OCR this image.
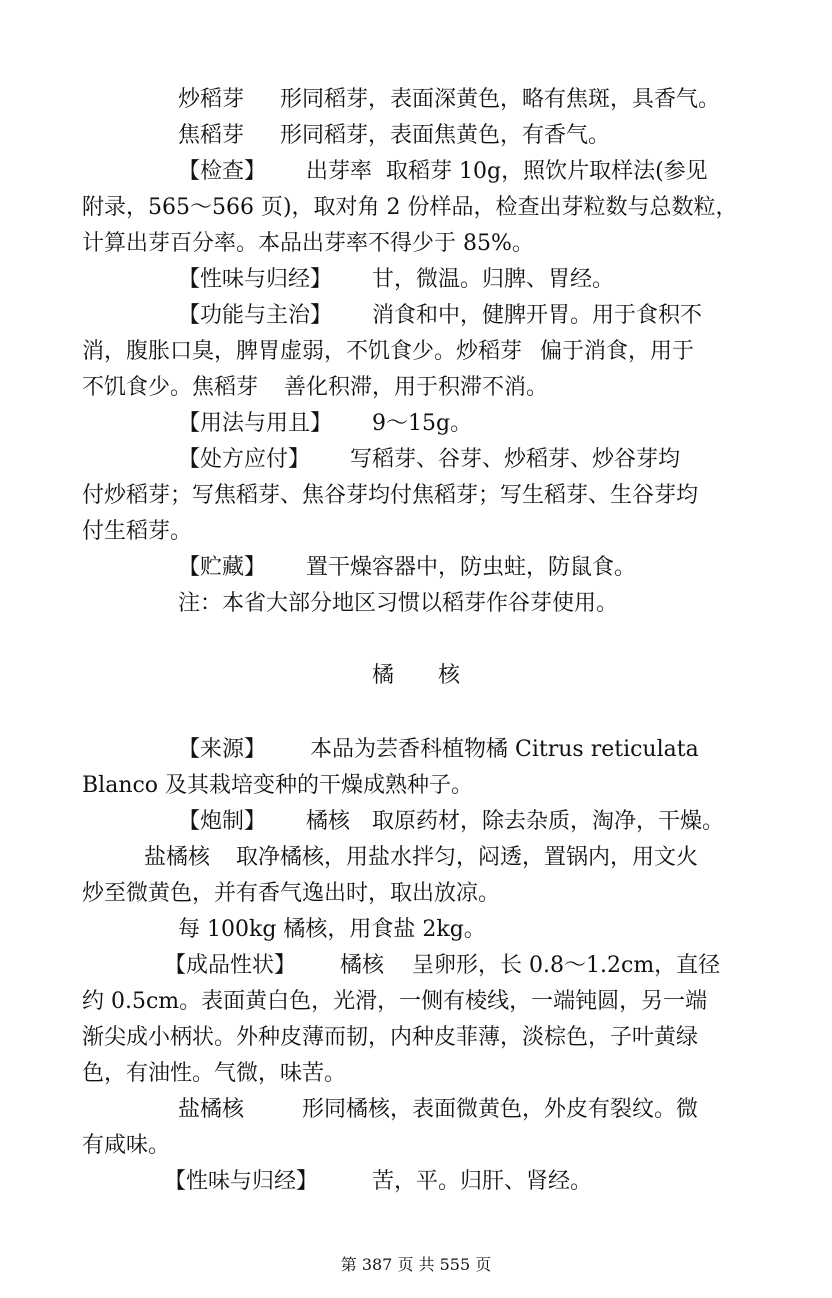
炒稻芽 形同稻芽，表面深黄色，略有焦斑，具香气。
焦稻芽 形同稻芽，表面焦黄色，有香气。
【检查】 出芽率 取稻芽 10g，照饮片取样法(参见
附录，565～566 页)，取对角 2 份样品，检查出芽粒数与总数粒，
计算出芽百分率。本品出芽率不得少于 85%。
【性味与归经】 甘，微温。归脾、胃经。
【功能与主治】 消食和中，健脾开胃。用于食积不
消，腹胀口臭，脾胃虚弱，不饥食少。炒稻芽 偏于消食，用于
不饥食少。焦稻芽 善化积滞，用于积滞不消。
【用法与用且】 9～15g。
【处方应付】 写稻芽、谷芽、炒稻芽、炒谷芽均
付炒稻芽；写焦稻芽、焦谷芽均付焦稻芽；写生稻芽、生谷芽均
付生稻芽。
【贮藏】 置干燥容器中，防虫蛀，防鼠食。
注：本省大部分地区习惯以稻芽作谷芽使用。
橘 核
【来源】 本品为芸香科植物橘 Citrus reticulata
Blanco 及其栽培变种的干燥成熟种子。
【炮制】 橘核 取原药材，除去杂质，淘净，干燥。
盐橘核 取净橘核，用盐水拌匀，闷透，置锅内，用文火
炒至微黄色，并有香气逸出时，取出放凉。
每 100kg 橘核，用食盐 2kg。
【成品性状】 橘核 呈卵形，长 0.8～1.2cm，直径
约 0.5cm。表面黄白色，光滑，一侧有棱线，一端钝圆，另一端
渐尖成小柄状。外种皮薄而韧，内种皮菲薄，淡棕色，子叶黄绿
色，有油性。气微，味苦。
盐橘核	形同橘核，表面微黄色，外皮有裂纹。微
有咸味。
【性味与归经】 苦，平。归肝、肾经。
第 387 页 共 555 页
